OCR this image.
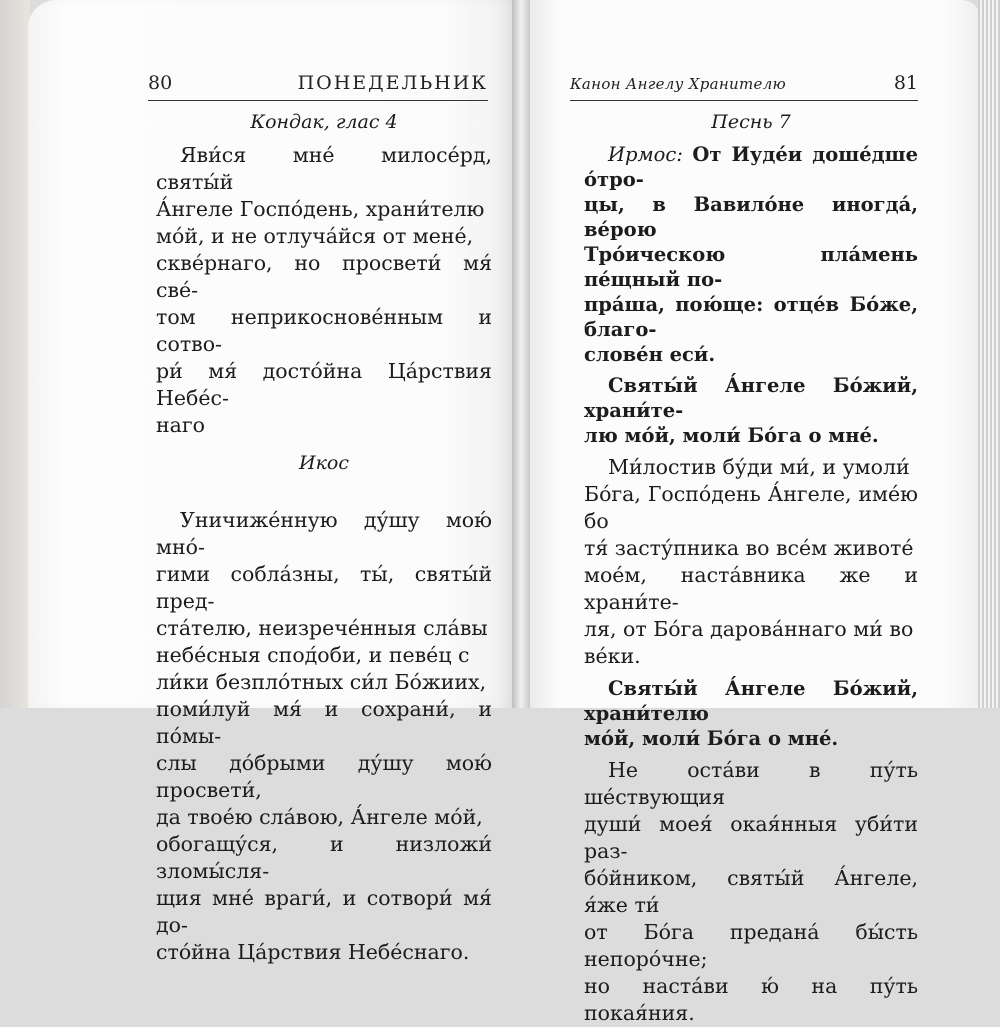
80	ПОНЕДЕЛЬНИК	Канон Ангелу Хранителю	81
Кондак, глас 4
Яви́ся мне́ милосе́рд, святы́й
А́нгеле Госпо́день, храни́телю
мо́й, и не отлуча́йся от мене́,
скве́рнаго, но просвети́ мя́ све́-
том неприкоснове́нным и сотво-
ри́ мя́ досто́йна Ца́рствия Небе́с-
наго
Икос
Уничиже́нную ду́шу мою́ мно́-
гими собла́зны, ты́, святы́й пред-
ста́телю, неизрече́нныя сла́вы
небе́сныя спод́оби, и певе́ц с
ли́ки безпло́тных си́л Бо́жиих,
поми́луй мя́ и сохрани́, и по́мы-
слы до́брыми ду́шу мою́ просвети́,
да твое́ю сла́вою, А́нгеле мо́й,
обогащу́ся, и низложи́ зломы́сля-
щия мне́ враги́, и сотвори́ мя́ до-
сто́йна Ца́рствия Небе́снаго.
Песнь 7
Ирмос: От Иуде́и доше́дше о́тро-
цы, в Вавило́не иногда́, ве́рою
Тро́ическою пла́мень пе́щный по-
пра́ша, пою́ще: отце́в Бо́же, благо-
слове́н еси́.
Святы́й А́нгеле Бо́жий, храни́те-
лю мо́й, моли́ Бо́га о мне́.
Ми́лостив бу́ди ми́, и умоли́
Бо́га, Госпо́день А́нгеле, име́ю бо
тя́ засту́пника во все́м животе́
мое́м, наста́вника же и храни́те-
ля, от Бо́га дарова́ннаго ми́ во
ве́ки.
Святы́й А́нгеле Бо́жий, храни́телю
мо́й, моли́ Бо́га о мне́.
Не оста́ви в пу́ть ше́ствующия
души́ моея́ окая́нныя уби́ти раз-
бо́йником, святы́й А́нгеле, я́же ти́
от Бо́га предана́ бы́сть непоро́чне;
но наста́ви ю́ на пу́ть покая́ния.
